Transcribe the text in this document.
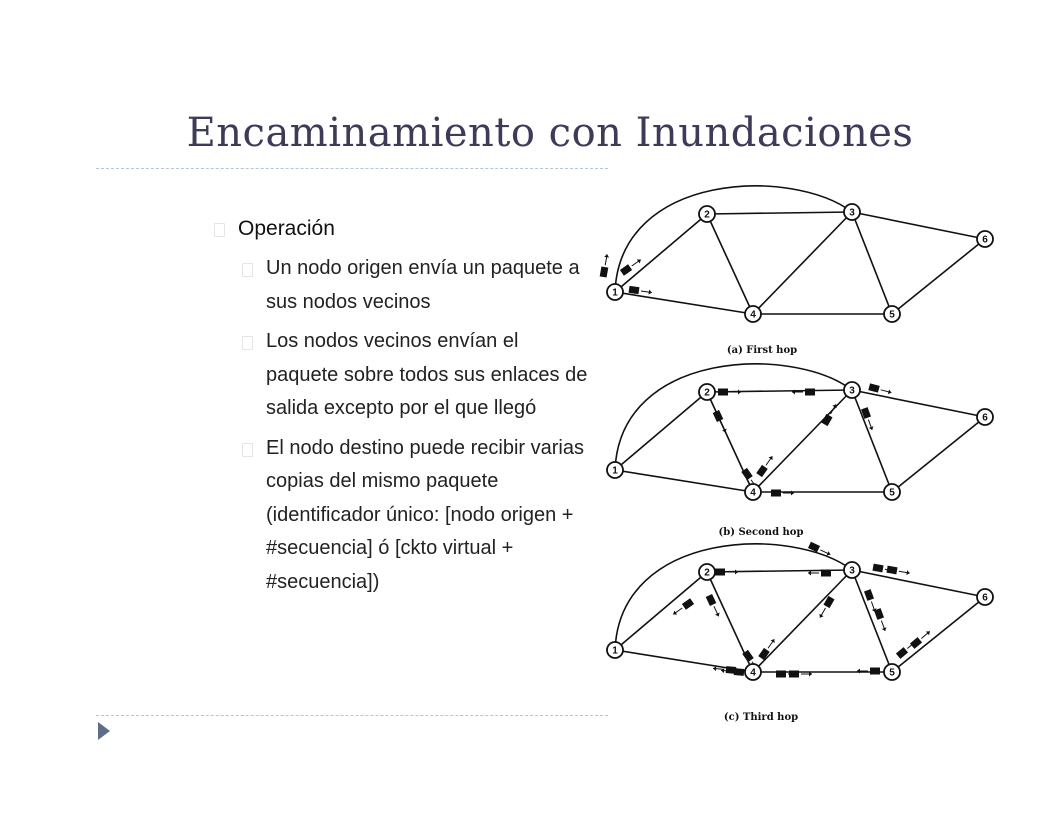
Encaminamiento con Inundaciones
Operación
Un nodo origen envía un paquete a sus nodos vecinos
Los nodos vecinos envían el paquete sobre todos sus enlaces de salida excepto por el que llegó
El nodo destino puede recibir varias copias del mismo paquete (identificador único: [nodo origen + #secuencia] ó [ckto virtual + #secuencia])
1
2	3
4	5
6
(a) First hop
1
2	3
4	5
6
(b) Second hop
1
2	3
4	5
6
(c) Third hop
